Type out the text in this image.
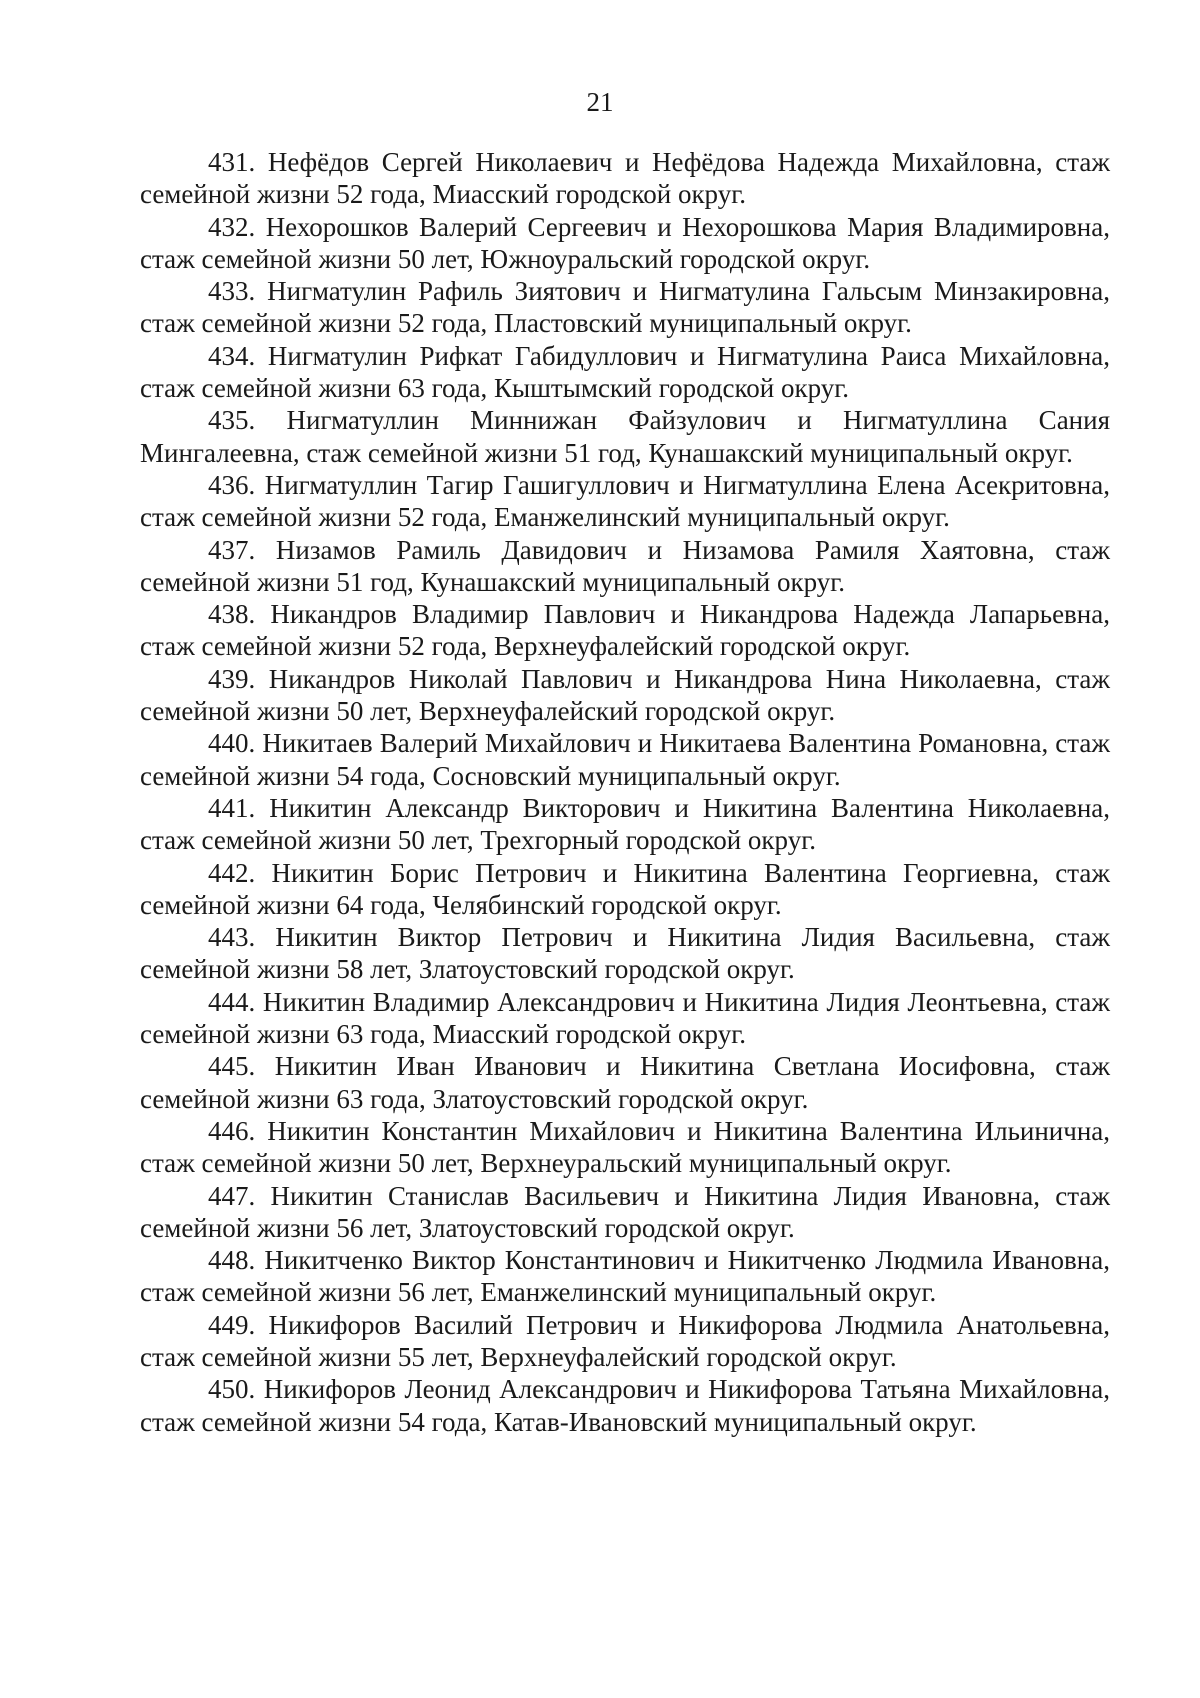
21

431. Нефёдов Сергей Николаевич и Нефёдова Надежда Михайловна, стаж семейной жизни 52 года, Миасский городской округ.

432. Нехорошков Валерий Сергеевич и Нехорошкова Мария Владимировна, стаж семейной жизни 50 лет, Южноуральский городской округ.

433. Нигматулин Рафиль Зиятович и Нигматулина Гальсым Минзакировна, стаж семейной жизни 52 года, Пластовский муниципальный округ.

434. Нигматулин Рифкат Габидуллович и Нигматулина Раиса Михайловна, стаж семейной жизни 63 года, Кыштымский городской округ.

435. Нигматуллин Миннижан Файзулович и Нигматуллина Сания Мингалеевна, стаж семейной жизни 51 год, Кунашакский муниципальный округ.

436. Нигматуллин Тагир Гашигуллович и Нигматуллина Елена Асекритовна, стаж семейной жизни 52 года, Еманжелинский муниципальный округ.

437. Низамов Рамиль Давидович и Низамова Рамиля Хаятовна, стаж семейной жизни 51 год, Кунашакский муниципальный округ.

438. Никандров Владимир Павлович и Никандрова Надежда Лапарьевна, стаж семейной жизни 52 года, Верхнеуфалейский городской округ.

439. Никандров Николай Павлович и Никандрова Нина Николаевна, стаж семейной жизни 50 лет, Верхнеуфалейский городской округ.

440. Никитаев Валерий Михайлович и Никитаева Валентина Романовна, стаж семейной жизни 54 года, Сосновский муниципальный округ.

441. Никитин Александр Викторович и Никитина Валентина Николаевна, стаж семейной жизни 50 лет, Трехгорный городской округ.

442. Никитин Борис Петрович и Никитина Валентина Георгиевна, стаж семейной жизни 64 года, Челябинский городской округ.

443. Никитин Виктор Петрович и Никитина Лидия Васильевна, стаж семейной жизни 58 лет, Златоустовский городской округ.

444. Никитин Владимир Александрович и Никитина Лидия Леонтьевна, стаж семейной жизни 63 года, Миасский городской округ.

445. Никитин Иван Иванович и Никитина Светлана Иосифовна, стаж семейной жизни 63 года, Златоустовский городской округ.

446. Никитин Константин Михайлович и Никитина Валентина Ильинична, стаж семейной жизни 50 лет, Верхнеуральский муниципальный округ.

447. Никитин Станислав Васильевич и Никитина Лидия Ивановна, стаж семейной жизни 56 лет, Златоустовский городской округ.

448. Никитченко Виктор Константинович и Никитченко Людмила Ивановна, стаж семейной жизни 56 лет, Еманжелинский муниципальный округ.

449. Никифоров Василий Петрович и Никифорова Людмила Анатольевна, стаж семейной жизни 55 лет, Верхнеуфалейский городской округ.

450. Никифоров Леонид Александрович и Никифорова Татьяна Михайловна, стаж семейной жизни 54 года, Катав-Ивановский муниципальный округ.
